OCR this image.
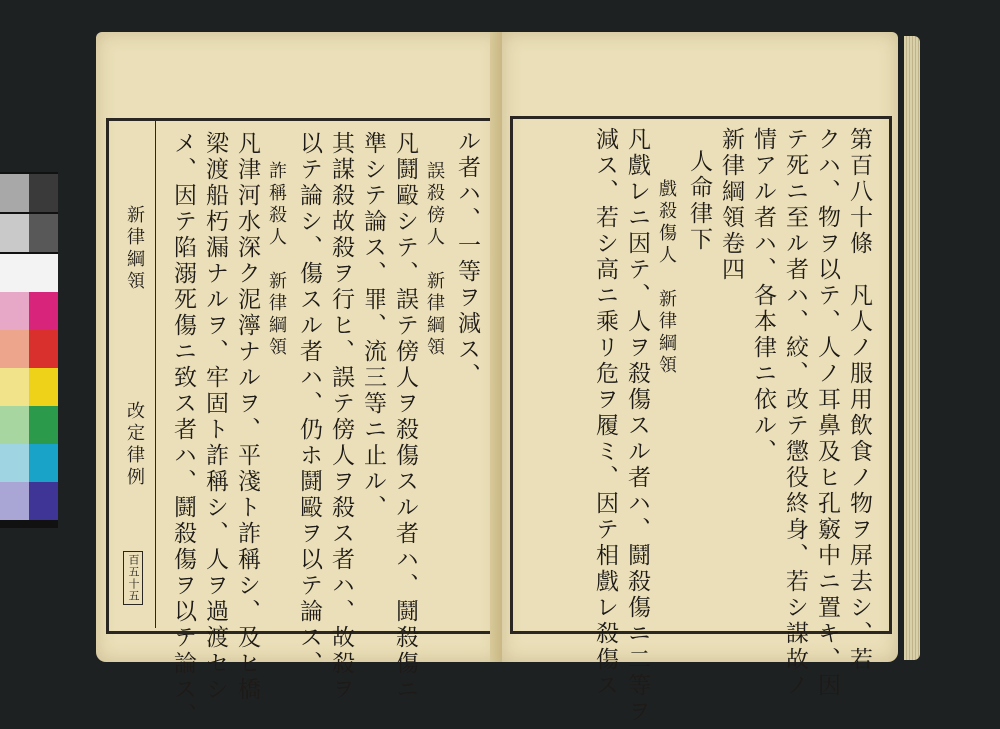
新律綱領
改定律例
百五十五
ル者ハ、一等ヲ減ス、
誤殺傍人　新律綱領
凡鬪毆シテ、誤テ傍人ヲ殺傷スル者ハ、鬪殺傷ニ
準シテ論ス、罪、流三等ニ止ル、
其謀殺故殺ヲ行ヒ、誤テ傍人ヲ殺ス者ハ、故殺ヲ
以テ論シ、傷スル者ハ、仍ホ鬪毆ヲ以テ論ス、
詐稱殺人　新律綱領
凡津河水深ク泥濘ナルヲ、平淺ト詐稱シ、及ヒ橋
梁渡船朽漏ナルヲ、牢固ト詐稱シ、人ヲ過渡セシ
メ、因テ陷溺死傷ニ致ス者ハ、鬪殺傷ヲ以テ論ス、	第百八十條　凡人ノ服用飲食ノ物ヲ屏去シ、若
クハ、物ヲ以テ、人ノ耳鼻及ヒ孔竅中ニ置キ、因
テ死ニ至ル者ハ、絞、改テ懲役終身、若シ謀故ノ
情アル者ハ、各本律ニ依ル、
新律綱領卷四
人命律下
戲殺傷人　新律綱領
凡戲レニ因テ、人ヲ殺傷スル者ハ、鬪殺傷ニ二等ヲ
減ス、若シ高ニ乘リ危ヲ履ミ、因テ相戲レ殺傷ス
